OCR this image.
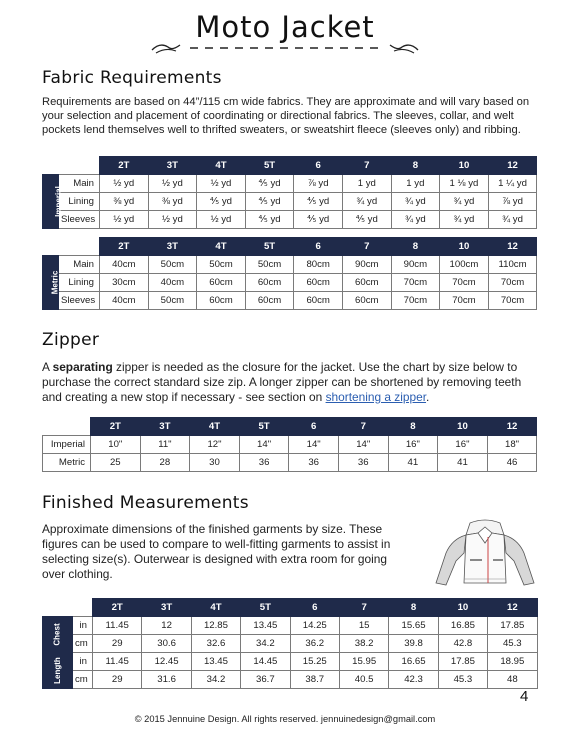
Moto Jacket
Fabric Requirements
Requirements are based on 44”/115 cm wide fabrics. They are approximate and will vary based on your selection and placement of coordinating or directional fabrics. The sleeves, collar, and welt pockets lend themselves well to thrifted sweaters, or sweatshirt fleece (sleeves only) and ribbing.
		2T	3T	4T	5T	6	7	8	10	12
Imperial	Main	½ yd	½ yd	½ yd	⅘ yd	⅞ yd	1 yd	1 yd	1 ⅛ yd	1 ¼ yd
	Lining	⅜ yd	⅜ yd	⅘ yd	⅘ yd	⅘ yd	¾ yd	¾ yd	¾ yd	⅞ yd
	Sleeves	½ yd	½ yd	½ yd	⅘ yd	⅘ yd	⅘ yd	¾ yd	¾ yd	¾ yd
		2T	3T	4T	5T	6	7	8	10	12
Metric	Main	40cm	50cm	50cm	50cm	80cm	90cm	90cm	100cm	110cm
	Lining	30cm	40cm	60cm	60cm	60cm	60cm	70cm	70cm	70cm
	Sleeves	40cm	50cm	60cm	60cm	60cm	60cm	70cm	70cm	70cm
Zipper
A separating zipper is needed as the closure for the jacket. Use the chart by size below to purchase the correct standard size zip. A longer zipper can be shortened by removing teeth and creating a new stop if necessary - see section on shortening a zipper.
	2T	3T	4T	5T	6	7	8	10	12
Imperial	10"	11"	12"	14"	14"	14"	16"	16"	18"
Metric	25	28	30	36	36	36	41	41	46
Finished Measurements
Approximate dimensions of the finished garments by size. These figures can be used to compare to well-fitting garments to assist in selecting size(s). Outerwear is designed with extra room for going over clothing.
		2T	3T	4T	5T	6	7	8	10	12
Chest	in	11.45	12	12.85	13.45	14.25	15	15.65	16.85	17.85
	cm	29	30.6	32.6	34.2	36.2	38.2	39.8	42.8	45.3
Length	in	11.45	12.45	13.45	14.45	15.25	15.95	16.65	17.85	18.95
	cm	29	31.6	34.2	36.7	38.7	40.5	42.3	45.3	48
4
© 2015 Jennuine Design. All rights reserved. jennuinedesign@gmail.com
